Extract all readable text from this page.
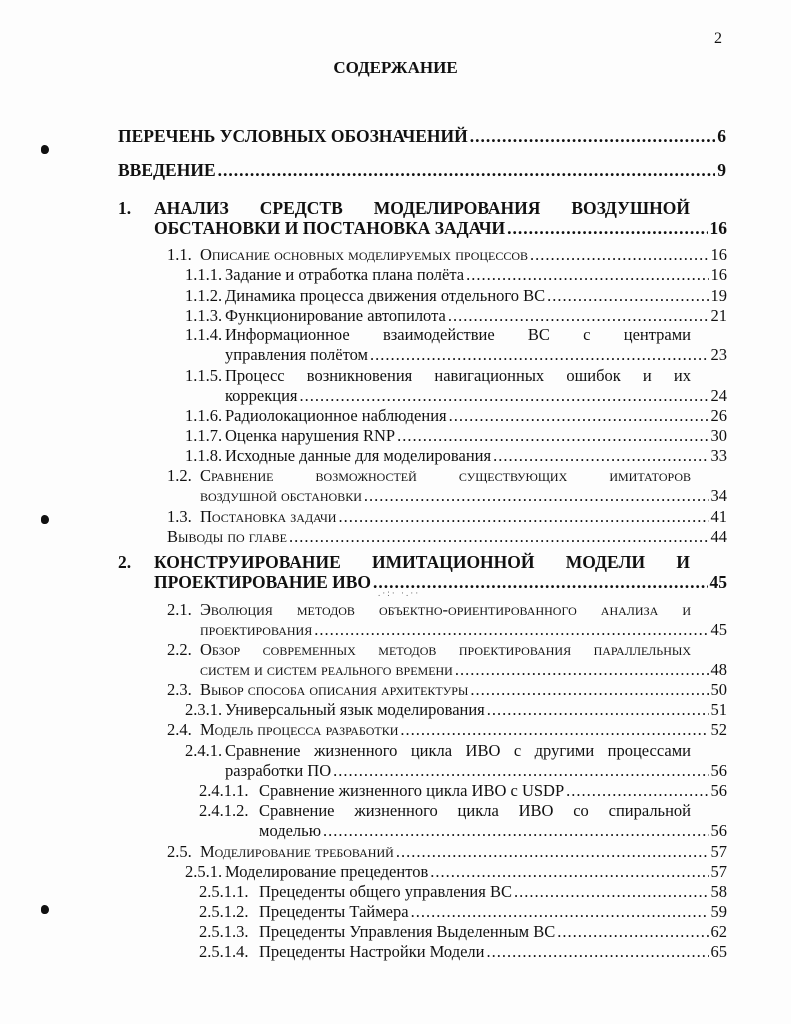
2
СОДЕРЖАНИЕ
.·:· ·.··
ПЕРЕЧЕНЬ УСЛОВНЫХ ОБОЗНАЧЕНИЙ .....	6
ВВЕДЕНИЕ .....	9
1. АНАЛИЗ СРЕДСТВ МОДЕЛИРОВАНИЯ ВОЗДУШНОЙ
ОБСТАНОВКИ И ПОСТАНОВКА ЗАДАЧИ .....	16
1.1. Описание основных моделируемых процессов .....	16
1.1.1. Задание и отработка плана полёта .....	16
1.1.2. Динамика процесса движения отдельного ВС .....	19
1.1.3. Функционирование автопилота .....	21
1.1.4. Информационное взаимодействие ВС с центрами
управления полётом .....	23
1.1.5. Процесс возникновения навигационных ошибок и их
коррекция .....	24
1.1.6. Радиолокационное наблюдения .....	26
1.1.7. Оценка нарушения RNP .....	30
1.1.8. Исходные данные для моделирования .....	33
1.2. Сравнение возможностей существующих имитаторов
воздушной обстановки .....	34
1.3. Постановка задачи .....	41
Выводы по главе .....	44
2. КОНСТРУИРОВАНИЕ ИМИТАЦИОННОЙ МОДЕЛИ И
ПРОЕКТИРОВАНИЕ ИВО .....	45
2.1. Эволюция методов объектно-ориентированного анализа и
проектирования .....	45
2.2. Обзор современных методов проектирования параллельных
систем и систем реального времени .....	48
2.3. Выбор способа описания архитектуры .....	50
2.3.1. Универсальный язык моделирования .....	51
2.4. Модель процесса разработки .....	52
2.4.1. Сравнение жизненного цикла ИВО с другими процессами
разработки ПО .....	56
2.4.1.1. Сравнение жизненного цикла ИВО с USDP .....	56
2.4.1.2. Сравнение жизненного цикла ИВО со спиральной
моделью .....	56
2.5. Моделирование требований .....	57
2.5.1. Моделирование прецедентов .....	57
2.5.1.1. Прецеденты общего управления ВС .....	58
2.5.1.2. Прецеденты Таймера .....	59
2.5.1.3. Прецеденты Управления Выделенным ВС .....	62
2.5.1.4. Прецеденты Настройки Модели .....	65
